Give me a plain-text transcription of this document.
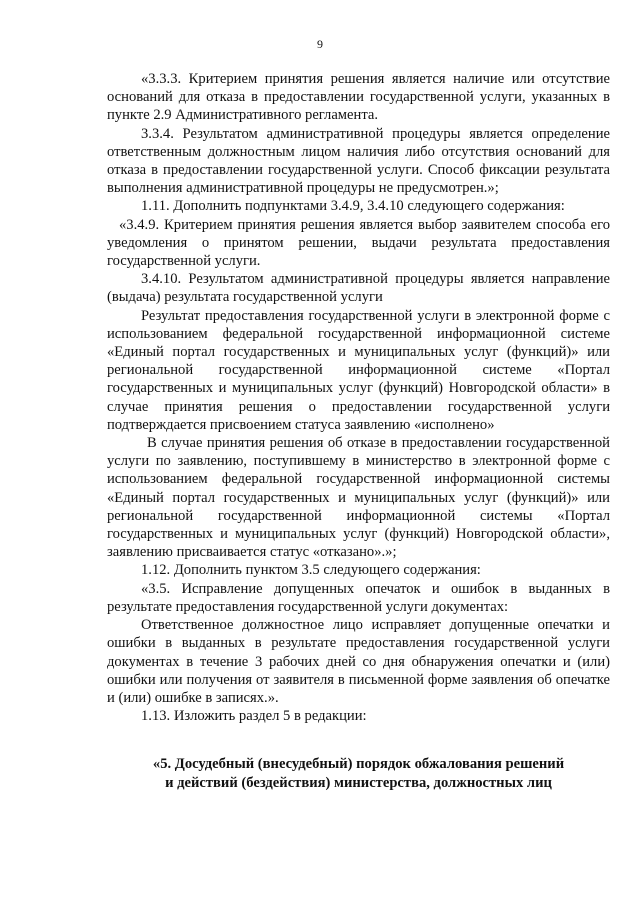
9

«3.3.3. Критерием принятия решения является наличие или отсутствие оснований для отказа в предоставлении государственной услуги, указанных в пункте 2.9 Административного регламента.

3.3.4. Результатом административной процедуры является определение ответственным должностным лицом наличия либо отсутствия оснований для отказа в предоставлении государственной услуги. Способ фиксации результата выполнения административной процедуры не предусмотрен.»;

1.11. Дополнить подпунктами 3.4.9, 3.4.10 следующего содержания:

«3.4.9. Критерием принятия решения является выбор заявителем способа его уведомления о принятом решении, выдачи результата предоставления государственной услуги.

3.4.10. Результатом административной процедуры является направление (выдача) результата государственной услуги

Результат предоставления государственной услуги в электронной форме с использованием федеральной государственной информационной системе «Единый портал государственных и муниципальных услуг (функций)» или региональной государственной информационной системе «Портал государственных и муниципальных услуг (функций) Новгородской области» в случае принятия решения о предоставлении государственной услуги подтверждается присвоением статуса заявлению «исполнено»

В случае принятия решения об отказе в предоставлении государственной услуги по заявлению, поступившему в министерство в электронной форме с использованием федеральной государственной информационной системы «Единый портал государственных и муниципальных услуг (функций)» или региональной государственной информационной системы «Портал государственных и муниципальных услуг (функций) Новгородской области», заявлению присваивается статус «отказано».»;

1.12. Дополнить пунктом 3.5 следующего содержания:

«3.5. Исправление допущенных опечаток и ошибок в выданных в результате предоставления государственной услуги документах:

Ответственное должностное лицо исправляет допущенные опечатки и ошибки в выданных в результате предоставления государственной услуги документах в течение 3 рабочих дней со дня обнаружения опечатки и (или) ошибки или получения от заявителя в письменной форме заявления об опечатке и (или) ошибке в записях.».

1.13. Изложить раздел 5 в редакции:

«5. Досудебный (внесудебный) порядок обжалования решений

и действий (бездействия) министерства, должностных лиц
